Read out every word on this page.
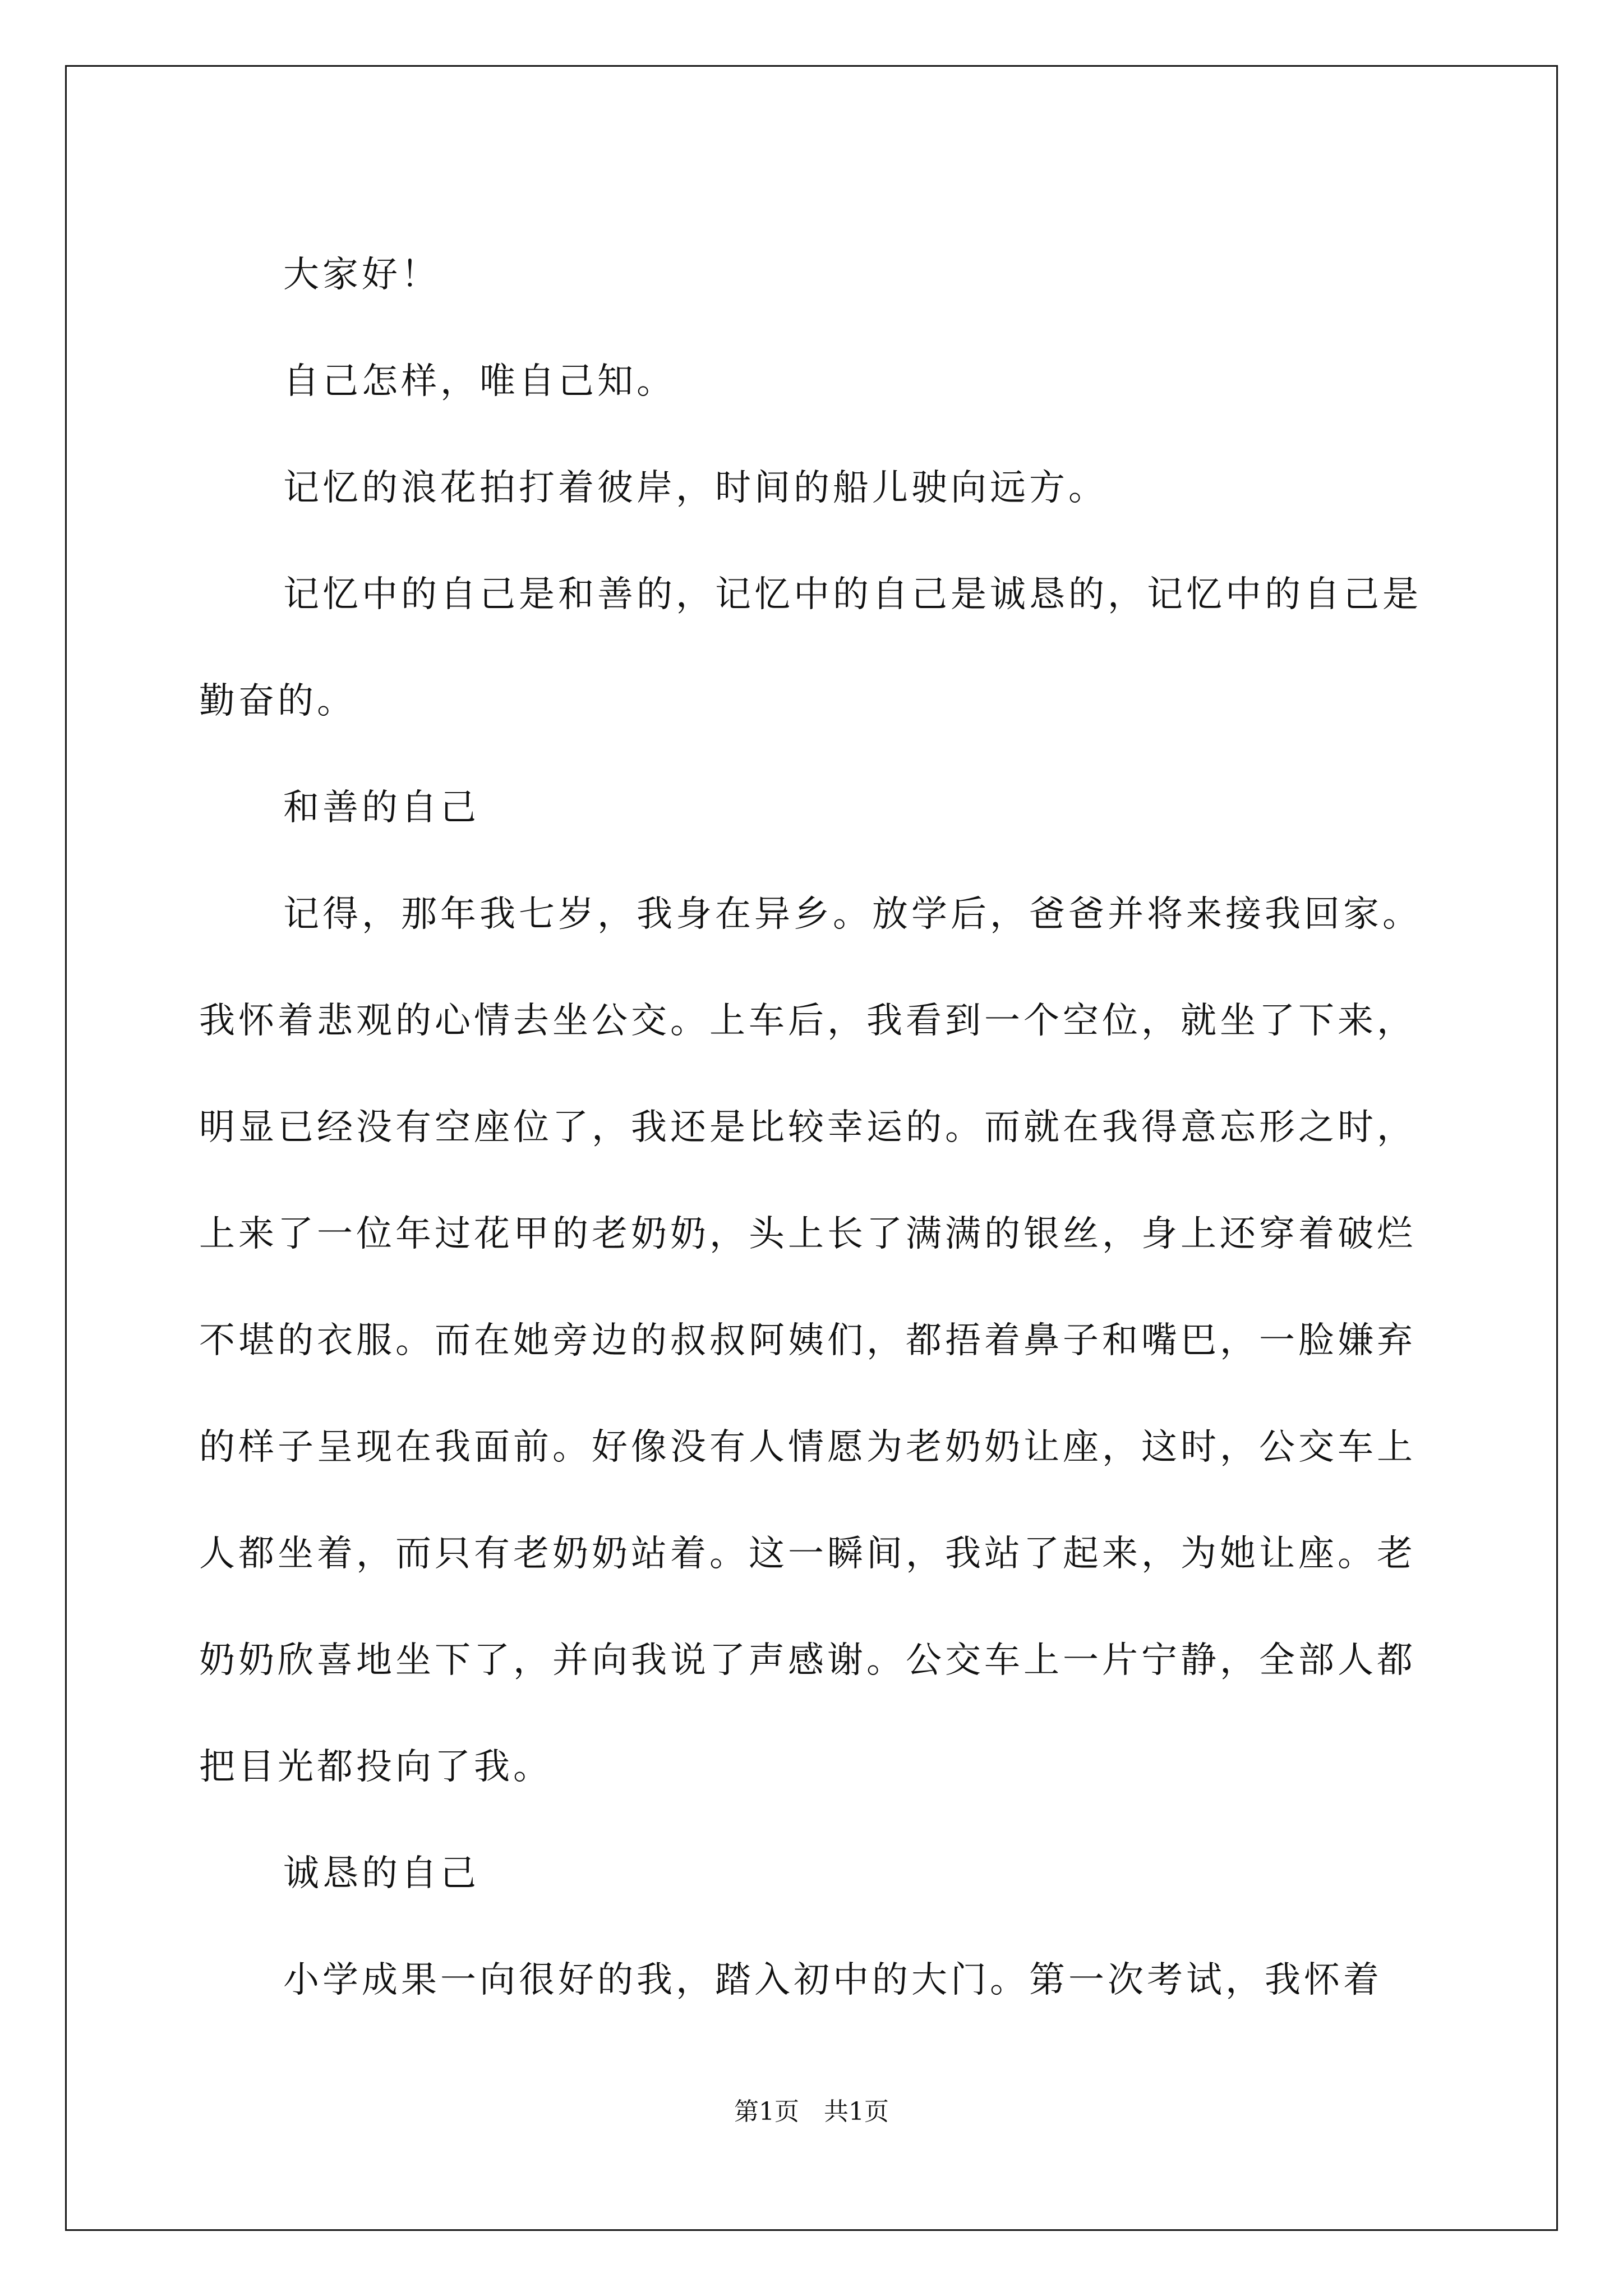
大家好！

自己怎样，唯自己知。

记忆的浪花拍打着彼岸，时间的船儿驶向远方。

记忆中的自己是和善的，记忆中的自己是诚恳的，记忆中的自己是勤奋的。

和善的自己

记得，那年我七岁，我身在异乡。放学后，爸爸并将来接我回家。我怀着悲观的心情去坐公交。上车后，我看到一个空位，就坐了下来，明显已经没有空座位了，我还是比较幸运的。而就在我得意忘形之时，上来了一位年过花甲的老奶奶，头上长了满满的银丝，身上还穿着破烂不堪的衣服。而在她旁边的叔叔阿姨们，都捂着鼻子和嘴巴，一脸嫌弃的样子呈现在我面前。好像没有人情愿为老奶奶让座，这时，公交车上人都坐着，而只有老奶奶站着。这一瞬间，我站了起来，为她让座。老奶奶欣喜地坐下了，并向我说了声感谢。公交车上一片宁静，全部人都把目光都投向了我。

诚恳的自己

小学成果一向很好的我，踏入初中的大门。第一次考试，我怀着

第1页　共1页
